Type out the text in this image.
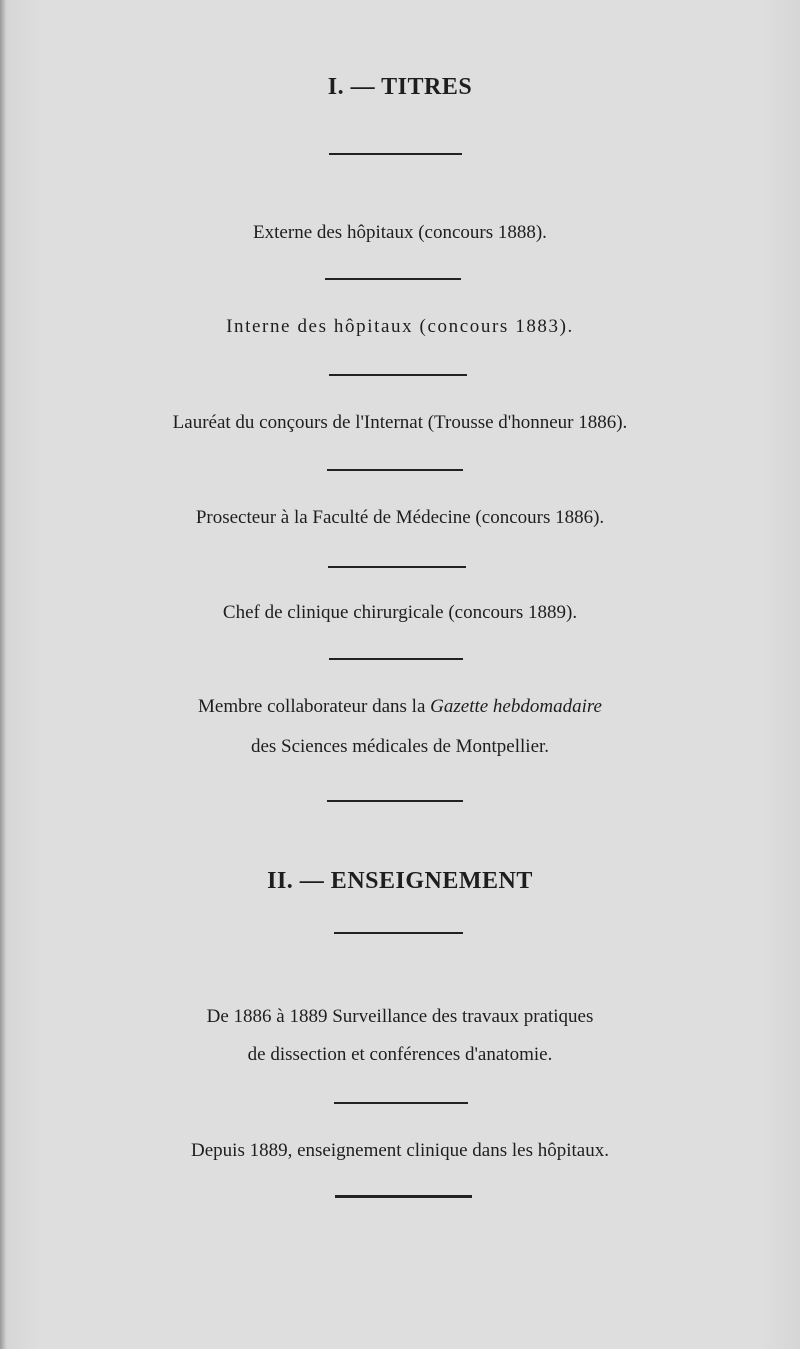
I. — TITRES
Externe des hôpitaux (concours 1888).
Interne des hôpitaux (concours 1883).
Lauréat du conçours de l'Internat (Trousse d'honneur 1886).
Prosecteur à la Faculté de Médecine (concours 1886).
Chef de clinique chirurgicale (concours 1889).
Membre collaborateur dans la Gazette hebdomadaire
des Sciences médicales de Montpellier.
II. — ENSEIGNEMENT
De 1886 à 1889 Surveillance des travaux pratiques
de dissection et conférences d'anatomie.
Depuis 1889, enseignement clinique dans les hôpitaux.
